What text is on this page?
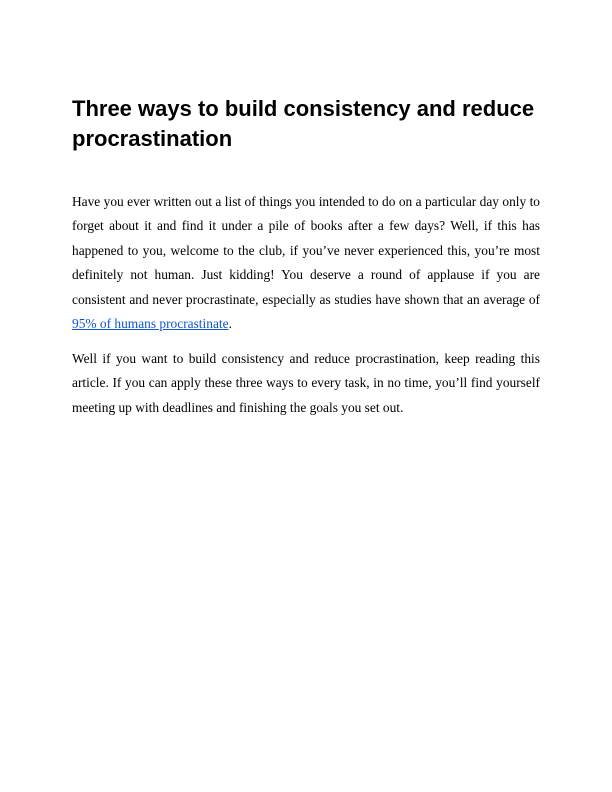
Three ways to build consistency and reduce procrastination

Have you ever written out a list of things you intended to do on a particular day only to forget about it and find it under a pile of books after a few days? Well, if this has happened to you, welcome to the club, if you’ve never experienced this, you’re most definitely not human. Just kidding! You deserve a round of applause if you are consistent and never procrastinate, especially as studies have shown that an average of 95% of humans procrastinate.

Well if you want to build consistency and reduce procrastination, keep reading this article. If you can apply these three ways to every task, in no time, you’ll find yourself meeting up with deadlines and finishing the goals you set out.
